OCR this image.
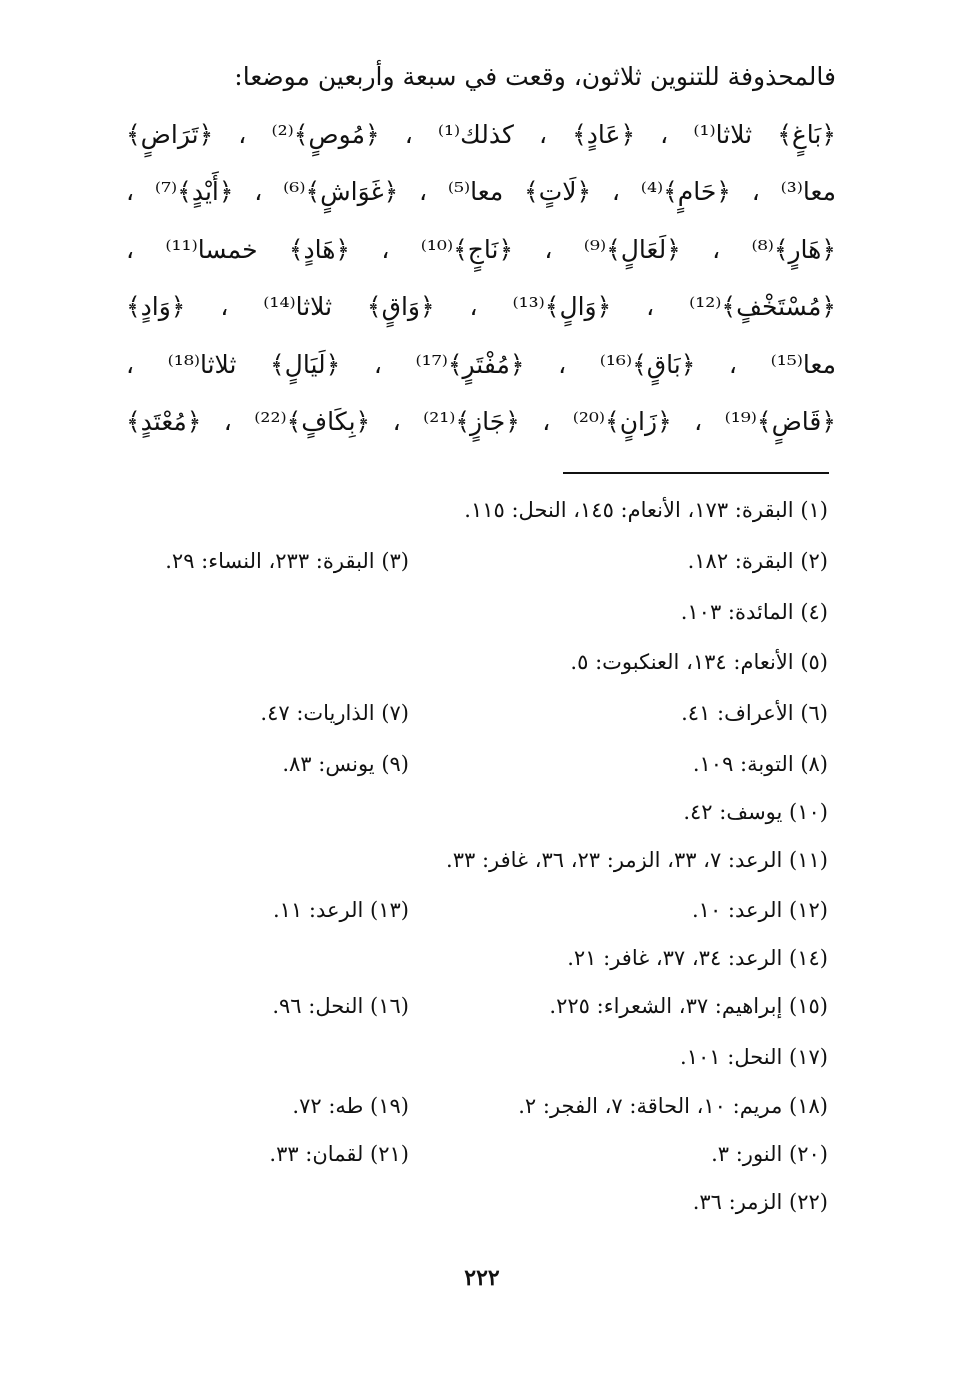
فالمحذوفة للتنوين ثلاثون، وقعت في سبعة وأربعين موضعا:
﴿بَاغٍ﴾ ثلاثا⁽¹⁾ ، ﴿عَادٍ﴾ ، كذلك⁽¹⁾ ، ﴿مُوصٍ﴾⁽²⁾ ، ﴿تَرَاضٍ﴾
معا⁽³⁾ ، ﴿حَامٍ﴾⁽⁴⁾ ، ﴿لَاتٍ﴾ معا⁽⁵⁾ ، ﴿غَوَاشٍ﴾⁽⁶⁾ ، ﴿أَيْدٍ﴾⁽⁷⁾ ،
﴿هَارٍ﴾⁽⁸⁾ ، ﴿لَعَالٍ﴾⁽⁹⁾ ، ﴿نَاجٍ﴾⁽¹⁰⁾ ، ﴿هَادٍ﴾ خمسا⁽¹¹⁾ ،
﴿مُسْتَخْفٍ﴾⁽¹²⁾ ، ﴿وَالٍ﴾⁽¹³⁾ ، ﴿وَاقٍ﴾ ثلاثا⁽¹⁴⁾ ، ﴿وَادٍ﴾
معا⁽¹⁵⁾ ، ﴿بَاقٍ﴾⁽¹⁶⁾ ، ﴿مُفْتَرٍ﴾⁽¹⁷⁾ ، ﴿لَيَالٍ﴾ ثلاثا⁽¹⁸⁾ ،
﴿قَاضٍ﴾⁽¹⁹⁾ ، ﴿زَانٍ﴾⁽²⁰⁾ ، ﴿جَازٍ﴾⁽²¹⁾ ، ﴿بِكَافٍ﴾⁽²²⁾ ، ﴿مُعْتَدٍ﴾
(١) البقرة: ١٧٣، الأنعام: ١٤٥، النحل: ١١٥.
(٢) البقرة: ١٨٢.
(٣) البقرة: ٢٣٣، النساء: ٢٩.
(٤) المائدة: ١٠٣.
(٥) الأنعام: ١٣٤، العنكبوت: ٥.
(٦) الأعراف: ٤١.
(٧) الذاريات: ٤٧.
(٨) التوبة: ١٠٩.
(٩) يونس: ٨٣.
(١٠) يوسف: ٤٢.
(١١) الرعد: ٧، ٣٣، الزمر: ٢٣، ٣٦، غافر: ٣٣.
(١٢) الرعد: ١٠.
(١٣) الرعد: ١١.
(١٤) الرعد: ٣٤، ٣٧، غافر: ٢١.
(١٥) إبراهيم: ٣٧، الشعراء: ٢٢٥.
(١٦) النحل: ٩٦.
(١٧) النحل: ١٠١.
(١٨) مريم: ١٠، الحاقة: ٧، الفجر: ٢.
(١٩) طه: ٧٢.
(٢٠) النور: ٣.
(٢١) لقمان: ٣٣.
(٢٢) الزمر: ٣٦.
٢٢٢
